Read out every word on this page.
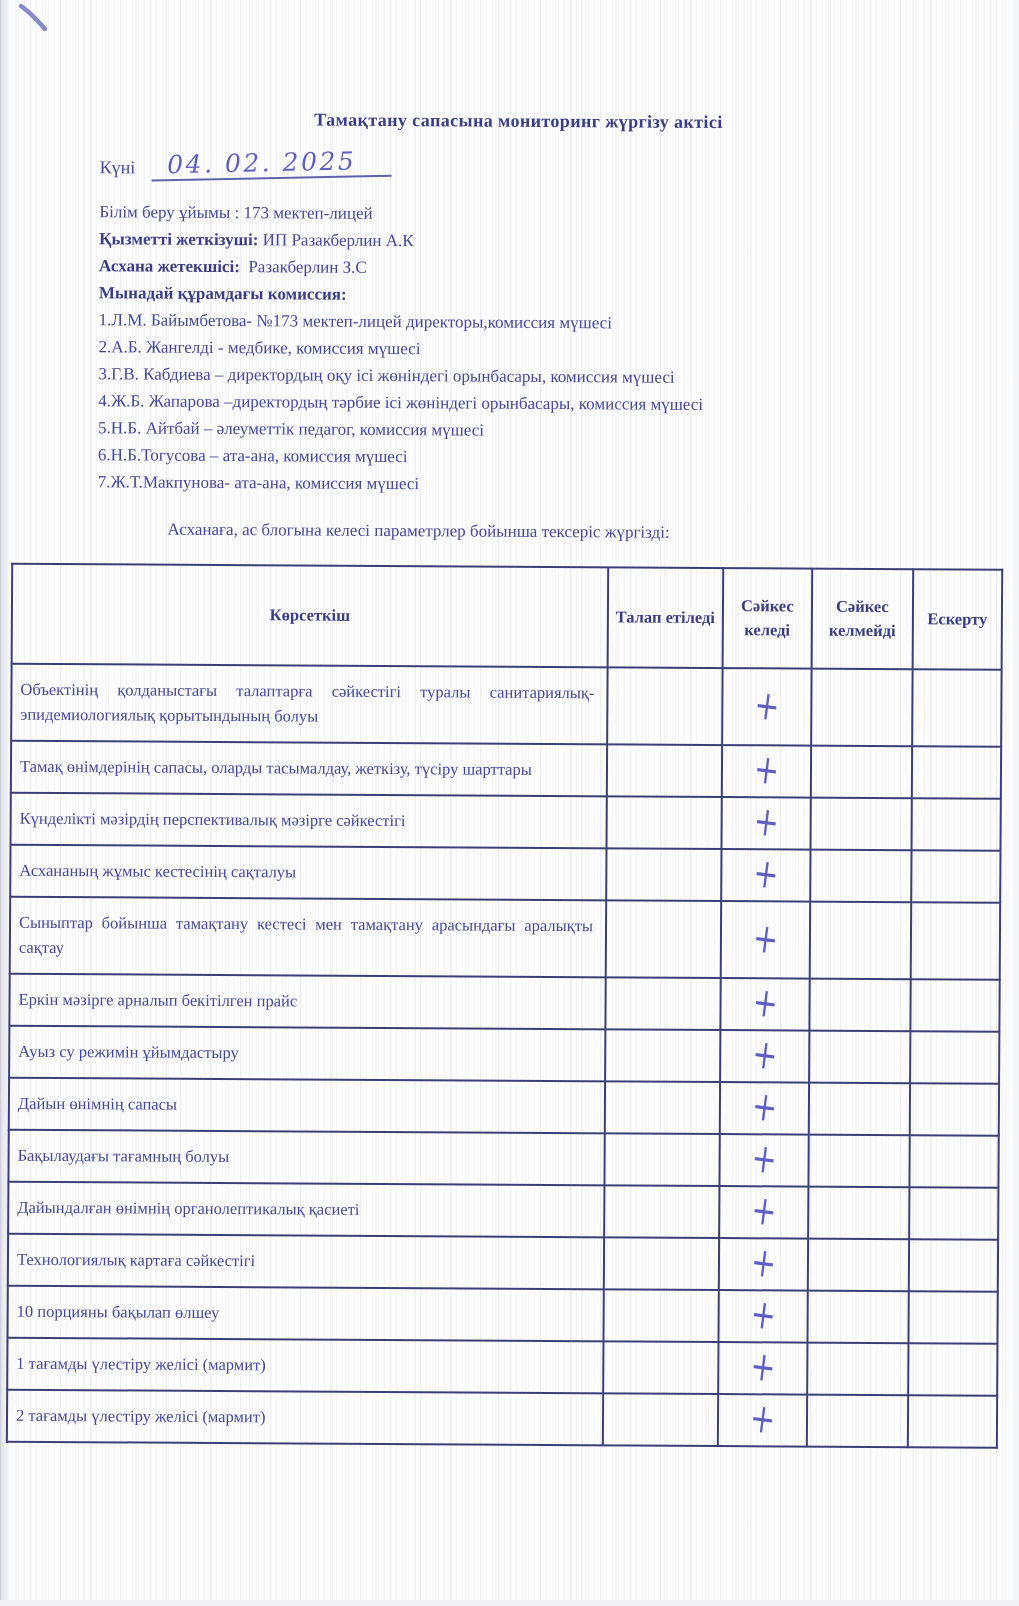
Тамақтану сапасына мониторинг жүргізу актісі
Күні 04. 02. 2025
Білім беру ұйымы : 173 мектеп-лицей
Қызметті жеткізуші: ИП Разакберлин А.К
Асхана жетекшісі: Разакберлин З.С
Мынадай құрамдағы комиссия:
1.Л.М. Байымбетова- №173 мектеп-лицей директоры,комиссия мүшесі
2.А.Б. Жангелді - медбике, комиссия мүшесі
3.Г.В. Кабдиева – директордың оқу ісі жөніндегі орынбасары, комиссия мүшесі
4.Ж.Б. Жапарова –директордың тәрбие ісі жөніндегі орынбасары, комиссия мүшесі
5.Н.Б. Айтбай – әлеуметтік педагог, комиссия мүшесі
6.Н.Б.Тогусова – ата-ана, комиссия мүшесі
7.Ж.Т.Макпунова- ата-ана, комиссия мүшесі

Асханаға, ас блогына келесі параметрлер бойынша тексеріс жүргізді:

Көрсеткіш	Талап етіледі	Сәйкес келеді	Сәйкес келмейді	Ескерту
Объектінің қолданыстағы талаптарға сәйкестігі туралы санитариялық-эпидемиологиялық қорытындының болуы		+		
Тамақ өнімдерінің сапасы, оларды тасымалдау, жеткізу, түсіру шарттары		+		
Күнделікті мәзірдің перспективалық мәзірге сәйкестігі		+		
Асхананың жұмыс кестесінің сақталуы		+		
Сыныптар бойынша тамақтану кестесі мен тамақтану арасындағы аралықты сақтау		+		
Еркін мәзірге арналып бекітілген прайс		+		
Ауыз су режимін ұйымдастыру		+		
Дайын өнімнің сапасы		+		
Бақылаудағы тағамның болуы		+		
Дайындалған өнімнің органолептикалық қасиеті		+		
Технологиялық картаға сәйкестігі		+		
10 порцияны бақылап өлшеу		+		
1 тағамды үлестіру желісі (мармит)		+		
2 тағамды үлестіру желісі (мармит)		+		
